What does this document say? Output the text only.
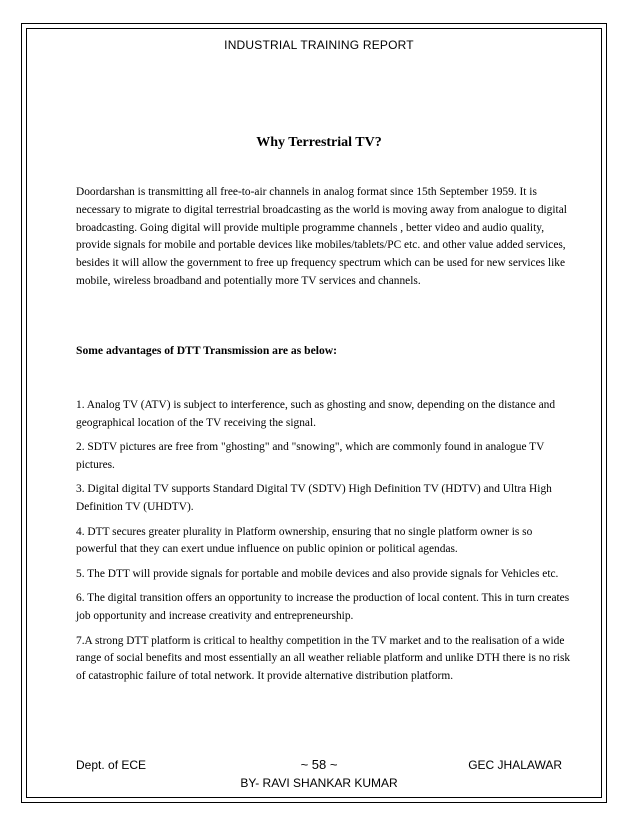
INDUSTRIAL TRAINING REPORT
Why Terrestrial TV?
Doordarshan is transmitting all free-to-air channels in analog format since 15th September 1959. It is necessary to migrate to digital terrestrial broadcasting as the world is moving away from analogue to digital broadcasting. Going digital will provide multiple programme channels , better video and audio quality, provide signals for mobile and portable devices like mobiles/tablets/PC etc. and other value added services, besides it will allow the government to free up frequency spectrum which can be used for new services like mobile, wireless broadband and potentially more TV services and channels.
Some advantages of DTT Transmission are as below:
1. Analog TV (ATV) is subject to interference, such as ghosting and snow, depending on the distance and geographical location of the TV receiving the signal.
2. SDTV pictures are free from "ghosting" and "snowing", which are commonly found in analogue TV pictures.
3. Digital digital TV supports Standard Digital TV (SDTV) High Definition TV (HDTV) and Ultra High Definition TV (UHDTV).
4. DTT secures greater plurality in Platform ownership, ensuring that no single platform owner is so powerful that they can exert undue influence on public opinion or political agendas.
5. The DTT will provide signals for portable and mobile devices and also provide signals for Vehicles etc.
6. The digital transition offers an opportunity to increase the production of local content. This in turn creates job opportunity and increase creativity and entrepreneurship.
7.A strong DTT platform is critical to healthy competition in the TV market and to the realisation of a wide range of social benefits and most essentially an all weather reliable platform and unlike DTH there is no risk of catastrophic failure of total network. It provide alternative distribution platform.
Dept. of ECE	~ 58 ~	GEC JHALAWAR
BY- RAVI SHANKAR KUMAR
